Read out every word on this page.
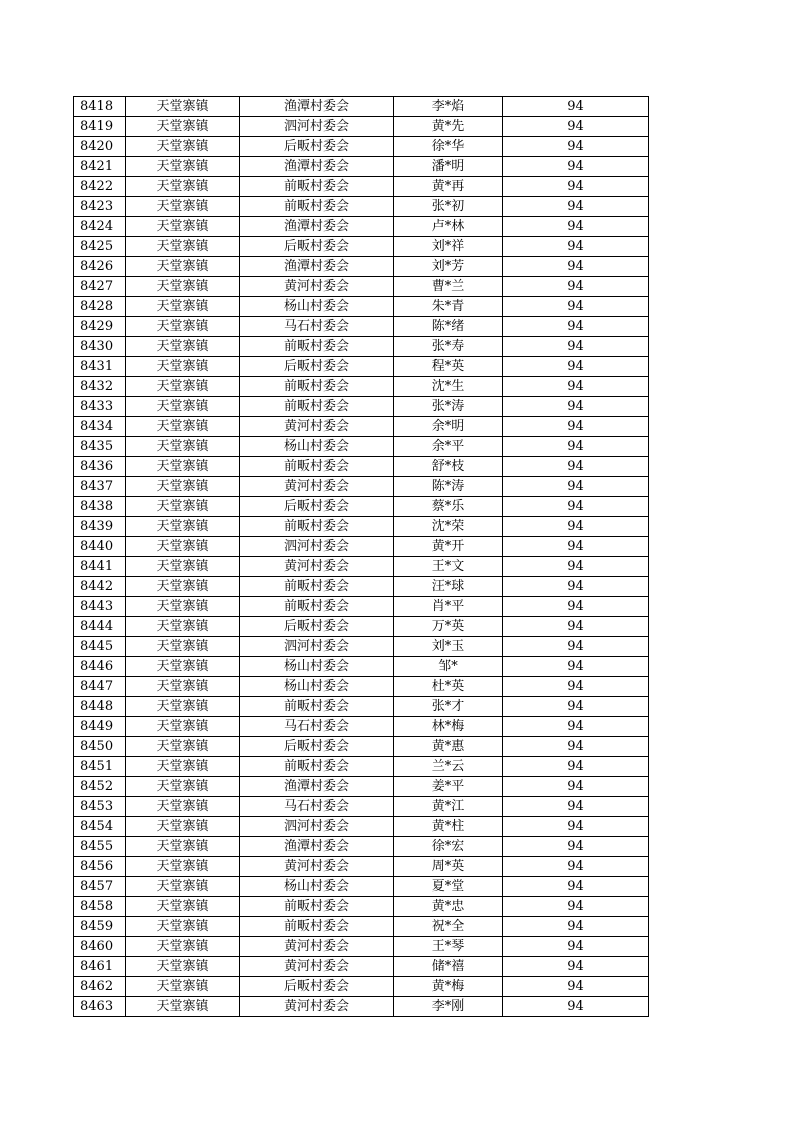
8418	天堂寨镇	渔潭村委会	李*焰	94
8419	天堂寨镇	泗河村委会	黄*先	94
8420	天堂寨镇	后畈村委会	徐*华	94
8421	天堂寨镇	渔潭村委会	潘*明	94
8422	天堂寨镇	前畈村委会	黄*再	94
8423	天堂寨镇	前畈村委会	张*初	94
8424	天堂寨镇	渔潭村委会	卢*林	94
8425	天堂寨镇	后畈村委会	刘*祥	94
8426	天堂寨镇	渔潭村委会	刘*芳	94
8427	天堂寨镇	黄河村委会	曹*兰	94
8428	天堂寨镇	杨山村委会	朱*青	94
8429	天堂寨镇	马石村委会	陈*绪	94
8430	天堂寨镇	前畈村委会	张*寿	94
8431	天堂寨镇	后畈村委会	程*英	94
8432	天堂寨镇	前畈村委会	沈*生	94
8433	天堂寨镇	前畈村委会	张*涛	94
8434	天堂寨镇	黄河村委会	余*明	94
8435	天堂寨镇	杨山村委会	余*平	94
8436	天堂寨镇	前畈村委会	舒*枝	94
8437	天堂寨镇	黄河村委会	陈*涛	94
8438	天堂寨镇	后畈村委会	蔡*乐	94
8439	天堂寨镇	前畈村委会	沈*荣	94
8440	天堂寨镇	泗河村委会	黄*开	94
8441	天堂寨镇	黄河村委会	王*文	94
8442	天堂寨镇	前畈村委会	汪*球	94
8443	天堂寨镇	前畈村委会	肖*平	94
8444	天堂寨镇	后畈村委会	万*英	94
8445	天堂寨镇	泗河村委会	刘*玉	94
8446	天堂寨镇	杨山村委会	邹*	94
8447	天堂寨镇	杨山村委会	杜*英	94
8448	天堂寨镇	前畈村委会	张*才	94
8449	天堂寨镇	马石村委会	林*梅	94
8450	天堂寨镇	后畈村委会	黄*惠	94
8451	天堂寨镇	前畈村委会	兰*云	94
8452	天堂寨镇	渔潭村委会	姜*平	94
8453	天堂寨镇	马石村委会	黄*江	94
8454	天堂寨镇	泗河村委会	黄*柱	94
8455	天堂寨镇	渔潭村委会	徐*宏	94
8456	天堂寨镇	黄河村委会	周*英	94
8457	天堂寨镇	杨山村委会	夏*堂	94
8458	天堂寨镇	前畈村委会	黄*忠	94
8459	天堂寨镇	前畈村委会	祝*全	94
8460	天堂寨镇	黄河村委会	王*琴	94
8461	天堂寨镇	黄河村委会	储*禧	94
8462	天堂寨镇	后畈村委会	黄*梅	94
8463	天堂寨镇	黄河村委会	李*刚	94
